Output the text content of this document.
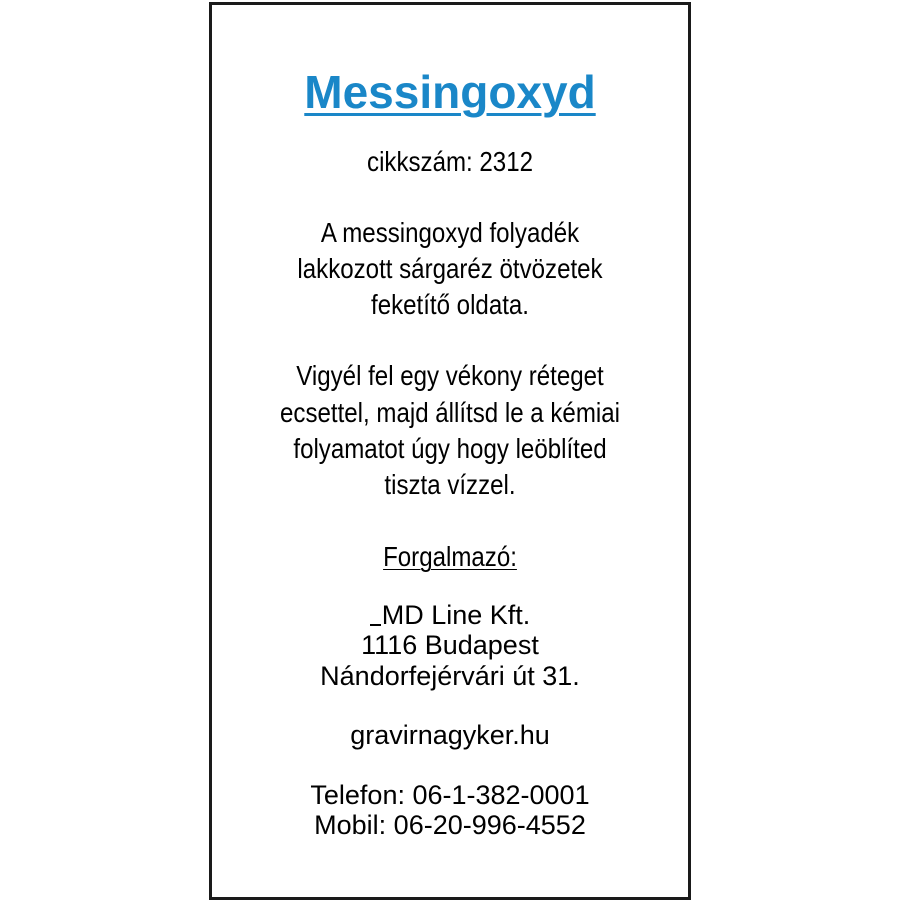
Messingoxyd
cikkszám: 2312
A messingoxyd folyadék
lakkozott sárgaréz ötvözetek
feketítő oldata.
Vigyél fel egy vékony réteget
ecsettel, majd állítsd le a kémiai
folyamatot úgy hogy leöblíted
tiszta vízzel.
Forgalmazó:
MD Line Kft.
1116 Budapest
Nándorfejérvári út 31.
gravirnagyker.hu
Telefon: 06-1-382-0001
Mobil: 06-20-996-4552
